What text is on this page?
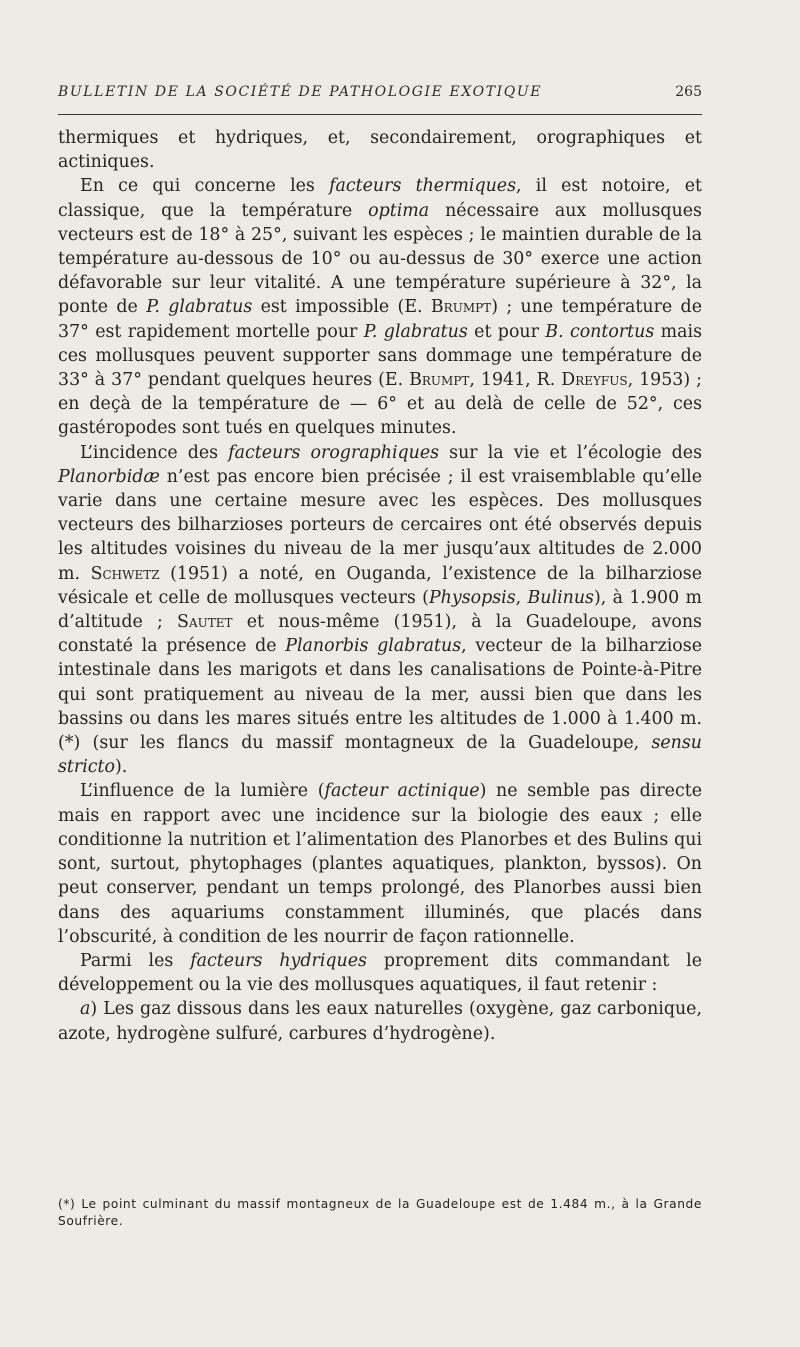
BULLETIN DE LA SOCIÉTÉ DE PATHOLOGIE EXOTIQUE	265

thermiques et hydriques, et, secondairement, orographiques et actiniques.

En ce qui concerne les facteurs thermiques, il est notoire, et classique, que la température optima nécessaire aux mollusques vecteurs est de 18° à 25°, suivant les espèces ; le maintien durable de la température au-dessous de 10° ou au-dessus de 30° exerce une action défavorable sur leur vitalité. A une température supérieure à 32°, la ponte de P. glabratus est impossible (E. Brumpt) ; une température de 37° est rapidement mortelle pour P. glabratus et pour B. contortus mais ces mollusques peuvent supporter sans dommage une température de 33° à 37° pendant quelques heures (E. Brumpt, 1941, R. Dreyfus, 1953) ; en deçà de la température de — 6° et au delà de celle de 52°, ces gastéropodes sont tués en quelques minutes.

L’incidence des facteurs orographiques sur la vie et l’écologie des Planorbidæ n’est pas encore bien précisée ; il est vraisemblable qu’elle varie dans une certaine mesure avec les espèces. Des mollusques vecteurs des bilharzioses porteurs de cercaires ont été observés depuis les altitudes voisines du niveau de la mer jusqu’aux altitudes de 2.000 m. Schwetz (1951) a noté, en Ouganda, l’existence de la bilharziose vésicale et celle de mollusques vecteurs (Physopsis, Bulinus), à 1.900 m d’altitude ; Sautet et nous-même (1951), à la Guadeloupe, avons constaté la présence de Planorbis glabratus, vecteur de la bilharziose intestinale dans les marigots et dans les canalisations de Pointe-à-Pitre qui sont pratiquement au niveau de la mer, aussi bien que dans les bassins ou dans les mares situés entre les altitudes de 1.000 à 1.400 m. (*) (sur les flancs du massif montagneux de la Guadeloupe, sensu stricto).

L’influence de la lumière (facteur actinique) ne semble pas directe mais en rapport avec une incidence sur la biologie des eaux ; elle conditionne la nutrition et l’alimentation des Planorbes et des Bulins qui sont, surtout, phytophages (plantes aquatiques, plankton, byssos). On peut conserver, pendant un temps prolongé, des Planorbes aussi bien dans des aquariums constamment illuminés, que placés dans l’obscurité, à condition de les nourrir de façon rationnelle.

Parmi les facteurs hydriques proprement dits commandant le développement ou la vie des mollusques aquatiques, il faut retenir :

a) Les gaz dissous dans les eaux naturelles (oxygène, gaz carbonique, azote, hydrogène sulfuré, carbures d’hydrogène).

(*) Le point culminant du massif montagneux de la Guadeloupe est de 1.484 m., à la Grande Soufrière.
